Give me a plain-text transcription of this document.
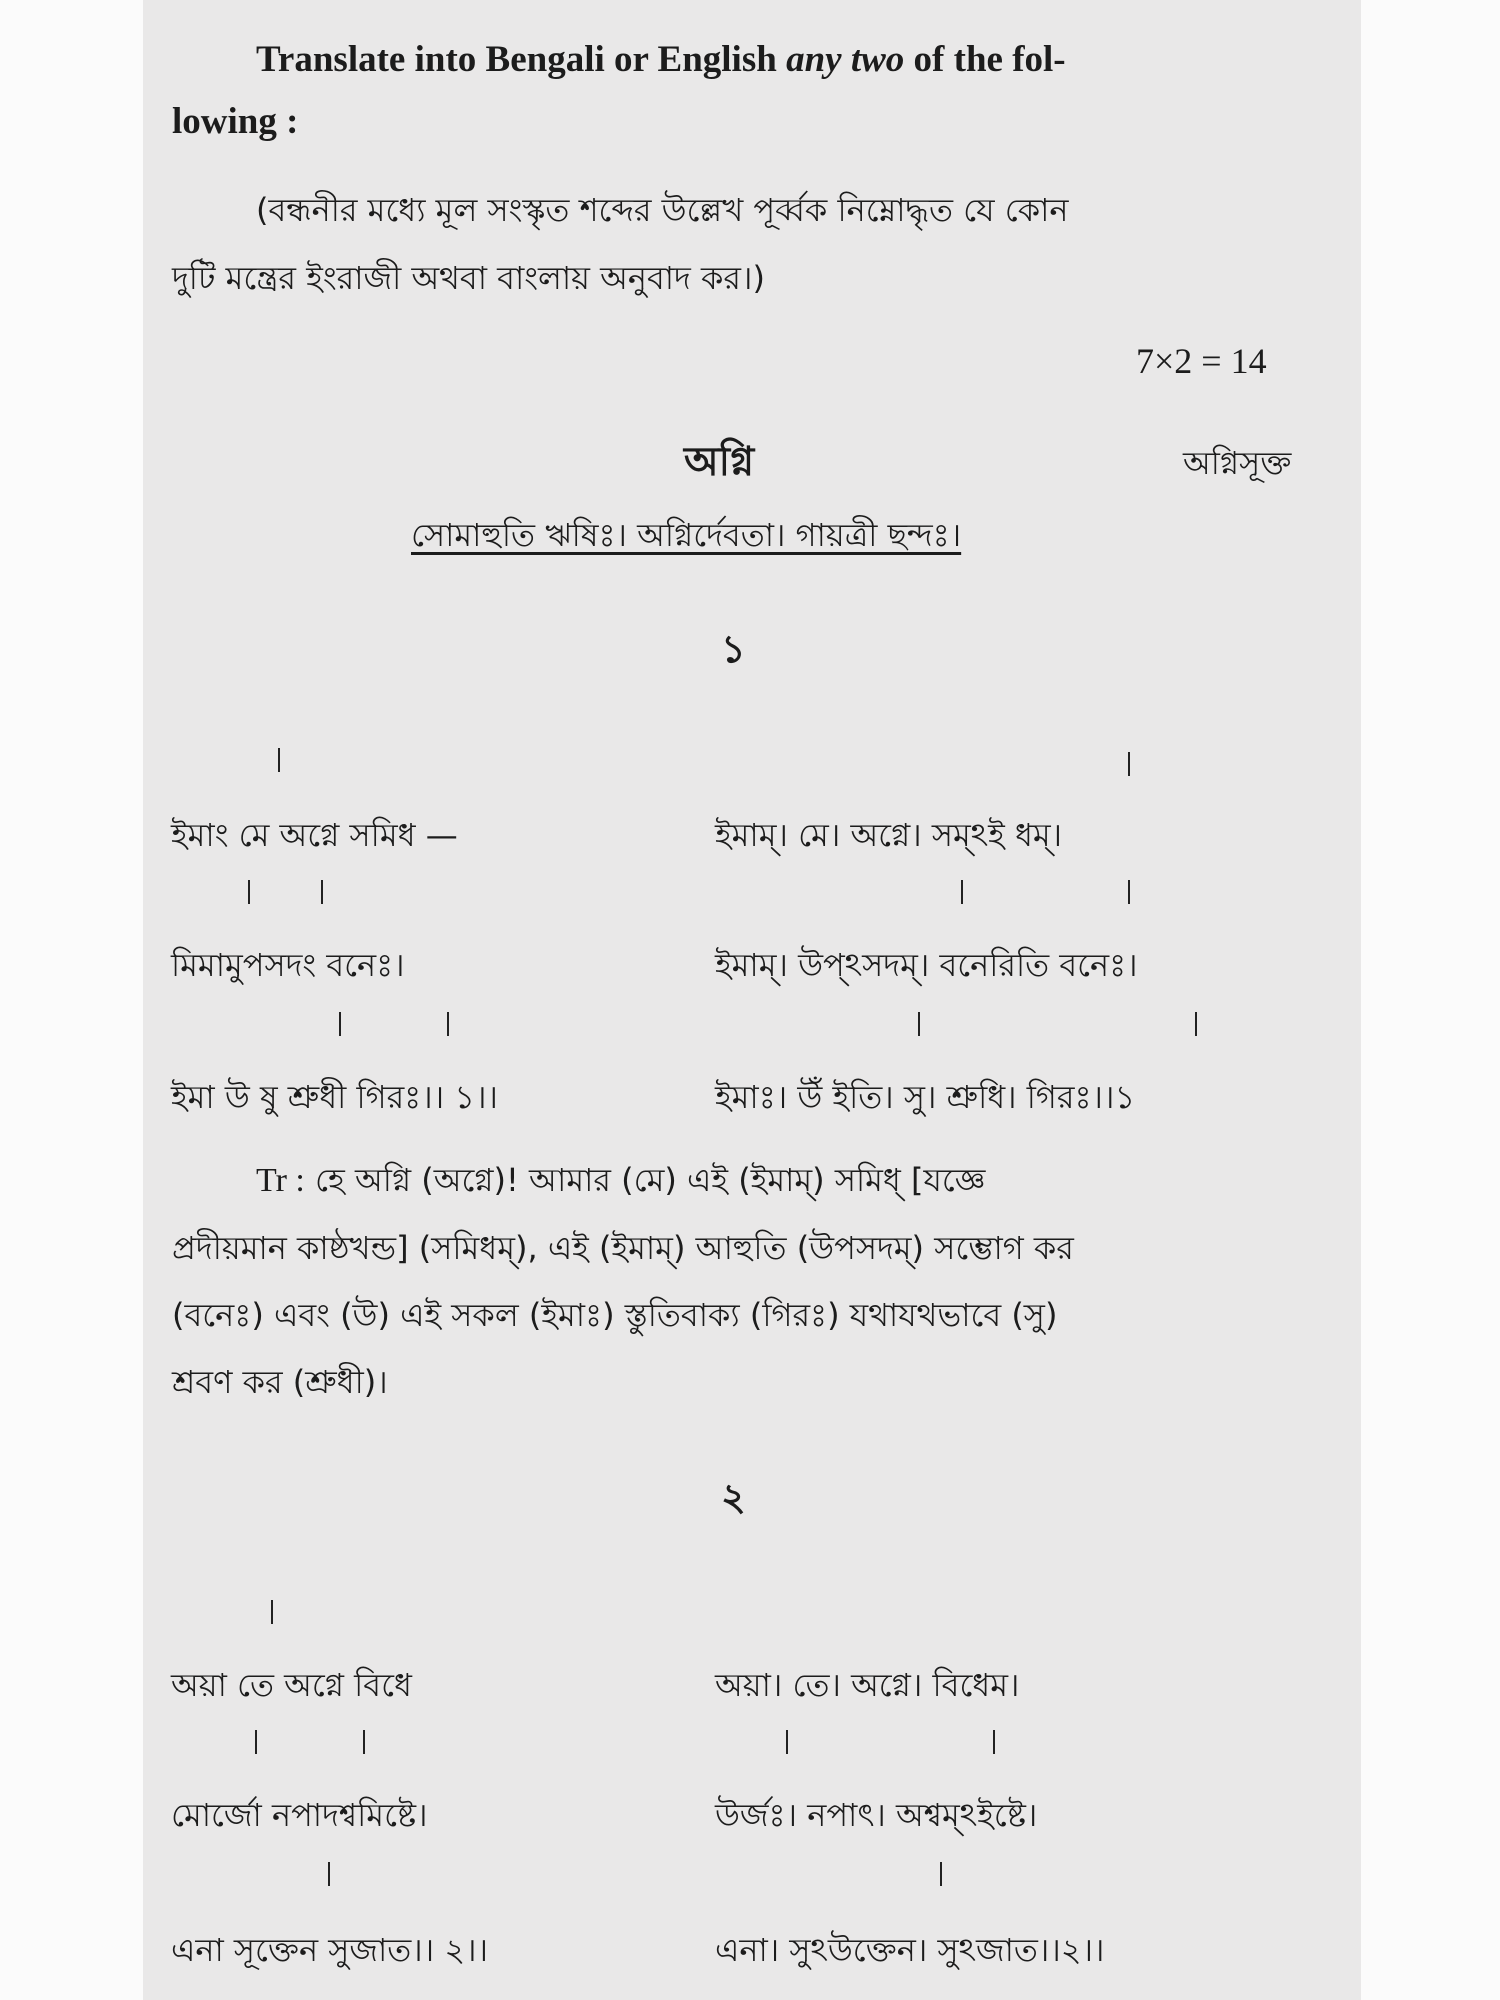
Translate into Bengali or English any two of the fol-
lowing :
(বন্ধনীর মধ্যে মূল সংস্কৃত শব্দের উল্লেখ পূর্ব্বক নিম্নোদ্ধৃত যে কোন
দুটি মন্ত্রের ইংরাজী অথবা বাংলায় অনুবাদ কর।)
7×2 = 14
অগ্নি	অগ্নিসূক্ত
সোমাহুতি ঋষিঃ। অগ্নির্দেবতা। গায়ত্রী ছন্দঃ।
১
ইমাং মে অগ্নে সমিধ —	ইমাম্। মে। অগ্নে। সম্ঽই ধম্।
মিমামুপসদং বনেঃ।	ইমাম্। উপ্ঽসদম্। বনেরিতি বনেঃ।
ইমা উ ষু শ্রুধী গিরঃ।। ১।।	ইমাঃ। উঁ ইতি। সু। শ্রুধি। গিরঃ।।১
Tr : হে অগ্নি (অগ্নে)! আমার (মে) এই (ইমাম্) সমিধ্ [যজ্ঞে
প্রদীয়মান কাষ্ঠখন্ড] (সমিধম্), এই (ইমাম্) আহুতি (উপসদম্) সম্ভোগ কর
(বনেঃ) এবং (উ) এই সকল (ইমাঃ) স্তুতিবাক্য (গিরঃ) যথাযথভাবে (সু)
শ্রবণ কর (শ্রুধী)।
২
অয়া তে অগ্নে বিধে	অয়া। তে। অগ্নে। বিধেম।
মোর্জো নপাদশ্বমিষ্টে।	উর্জঃ। নপাৎ। অশ্বম্ঽইষ্টে।
এনা সূক্তেন সুজাত।। ২।।	এনা। সুঽউক্তেন। সুঽজাত।।২।।
